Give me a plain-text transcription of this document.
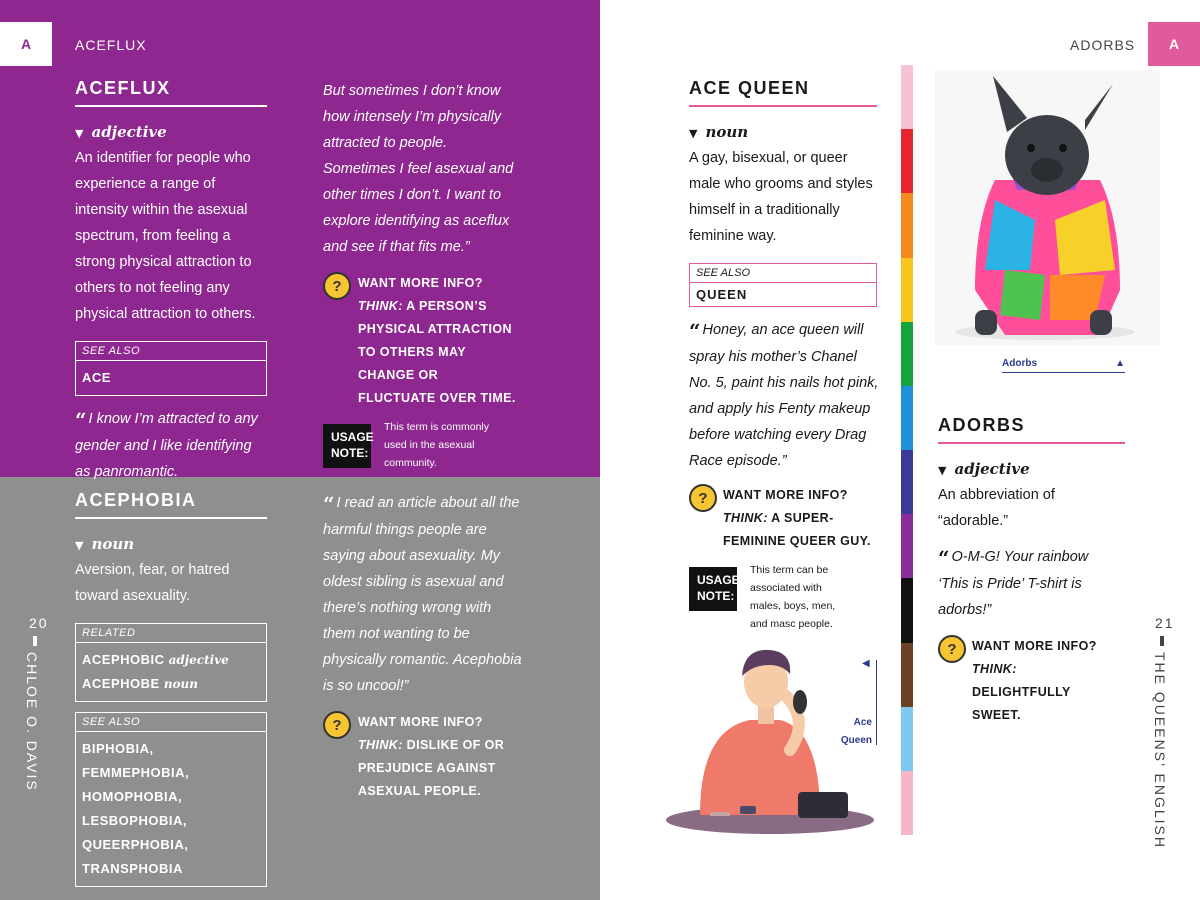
A	ACEFLUX
ACEFLUX
▼ adjective
An identifier for people who experience a range of intensity within the asexual spectrum, from feeling a strong physical attraction to others to not feeling any physical attraction to others.
SEE ALSO
ACE
“ I know I’m attracted to any gender and I like identifying as panromantic.
But sometimes I don’t know how intensely I’m physically attracted to people. Sometimes I feel asexual and other times I don’t. I want to explore identifying as aceflux and see if that fits me.”
?	WANT MORE INFO? THINK: A PERSON’S PHYSICAL ATTRACTION TO OTHERS MAY CHANGE OR FLUCTUATE OVER TIME.
USAGE NOTE:
This term is commonly used in the asexual community.
ACEPHOBIA
▼ noun
Aversion, fear, or hatred toward asexuality.
RELATED
ACEPHOBIC adjective
ACEPHOBE noun
SEE ALSO
BIPHOBIA, FEMMEPHOBIA, HOMOPHOBIA, LESBOPHOBIA, QUEERPHOBIA, TRANSPHOBIA
“ I read an article about all the harmful things people are saying about asexuality. My oldest sibling is asexual and there’s nothing wrong with them not wanting to be physically romantic. Acephobia is so uncool!”
?	WANT MORE INFO? THINK: DISLIKE OF OR PREJUDICE AGAINST ASEXUAL PEOPLE.
20
CHLOE O. DAVIS
A
ADORBS
ACE QUEEN
▼ noun
A gay, bisexual, or queer male who grooms and styles himself in a traditionally feminine way.
SEE ALSO
QUEEN
“ Honey, an ace queen will spray his mother’s Chanel No. 5, paint his nails hot pink, and apply his Fenty makeup before watching every Drag Race episode.”
?	WANT MORE INFO? THINK: A SUPER-FEMININE QUEER GUY.
USAGE NOTE:
This term can be associated with males, boys, men, and masc people.
◀
Ace Queen
Adorbs	▲
ADORBS
▼ adjective
An abbreviation of “adorable.”
“ O-M-G! Your rainbow ‘This is Pride’ T-shirt is adorbs!”
?	WANT MORE INFO? THINK: DELIGHTFULLY SWEET.
21
THE QUEENS’ ENGLISH
